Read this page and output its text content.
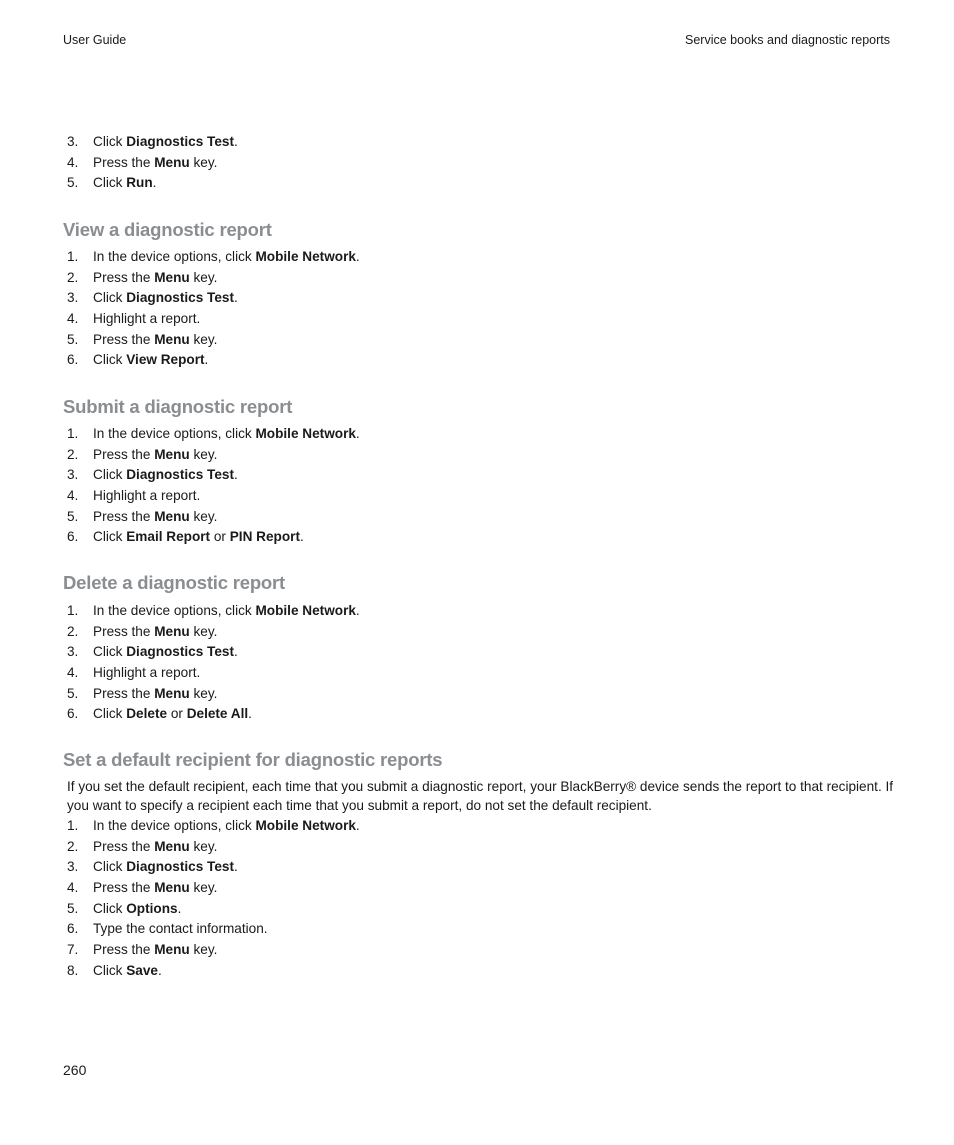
User Guide	Service books and diagnostic reports
3.	Click Diagnostics Test.
4.	Press the Menu key.
5.	Click Run.
View a diagnostic report
1.	In the device options, click Mobile Network.
2.	Press the Menu key.
3.	Click Diagnostics Test.
4.	Highlight a report.
5.	Press the Menu key.
6.	Click View Report.
Submit a diagnostic report
1.	In the device options, click Mobile Network.
2.	Press the Menu key.
3.	Click Diagnostics Test.
4.	Highlight a report.
5.	Press the Menu key.
6.	Click Email Report or PIN Report.
Delete a diagnostic report
1.	In the device options, click Mobile Network.
2.	Press the Menu key.
3.	Click Diagnostics Test.
4.	Highlight a report.
5.	Press the Menu key.
6.	Click Delete or Delete All.
Set a default recipient for diagnostic reports

If you set the default recipient, each time that you submit a diagnostic report, your BlackBerry® device sends the report to that recipient. If you want to specify a recipient each time that you submit a report, do not set the default recipient.

1.	In the device options, click Mobile Network.
2.	Press the Menu key.
3.	Click Diagnostics Test.
4.	Press the Menu key.
5.	Click Options.
6.	Type the contact information.
7.	Press the Menu key.
8.	Click Save.
260
